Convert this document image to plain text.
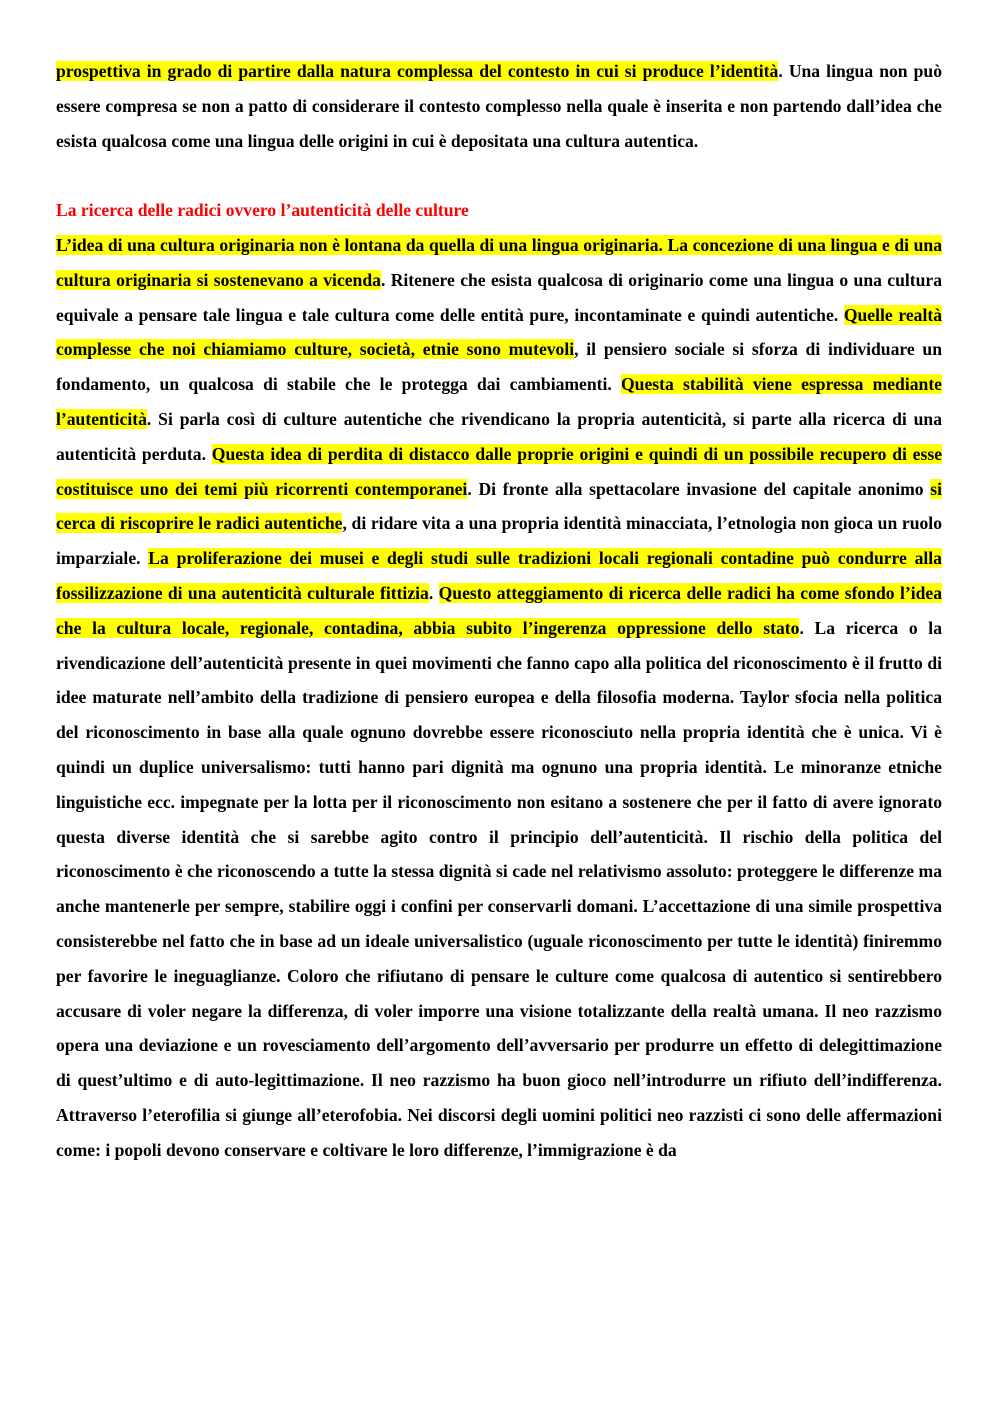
prospettiva in grado di partire dalla natura complessa del contesto in cui si produce l’identità. Una lingua non può essere compresa se non a patto di considerare il contesto complesso nella quale è inserita e non partendo dall’idea che esista qualcosa come una lingua delle origini in cui è depositata una cultura autentica.

La ricerca delle radici ovvero l’autenticità delle culture

L’idea di una cultura originaria non è lontana da quella di una lingua originaria. La concezione di una lingua e di una cultura originaria si sostenevano a vicenda. Ritenere che esista qualcosa di originario come una lingua o una cultura equivale a pensare tale lingua e tale cultura come delle entità pure, incontaminate e quindi autentiche. Quelle realtà complesse che noi chiamiamo culture, società, etnie sono mutevoli, il pensiero sociale si sforza di individuare un fondamento, un qualcosa di stabile che le protegga dai cambiamenti. Questa stabilità viene espressa mediante l’autenticità. Si parla così di culture autentiche che rivendicano la propria autenticità, si parte alla ricerca di una autenticità perduta. Questa idea di perdita di distacco dalle proprie origini e quindi di un possibile recupero di esse costituisce uno dei temi più ricorrenti contemporanei. Di fronte alla spettacolare invasione del capitale anonimo si cerca di riscoprire le radici autentiche, di ridare vita a una propria identità minacciata, l’etnologia non gioca un ruolo imparziale. La proliferazione dei musei e degli studi sulle tradizioni locali regionali contadine può condurre alla fossilizzazione di una autenticità culturale fittizia. Questo atteggiamento di ricerca delle radici ha come sfondo l’idea che la cultura locale, regionale, contadina, abbia subito l’ingerenza oppressione dello stato. La ricerca o la rivendicazione dell’autenticità presente in quei movimenti che fanno capo alla politica del riconoscimento è il frutto di idee maturate nell’ambito della tradizione di pensiero europea e della filosofia moderna. Taylor sfocia nella politica del riconoscimento in base alla quale ognuno dovrebbe essere riconosciuto nella propria identità che è unica. Vi è quindi un duplice universalismo: tutti hanno pari dignità ma ognuno una propria identità. Le minoranze etniche linguistiche ecc. impegnate per la lotta per il riconoscimento non esitano a sostenere che per il fatto di avere ignorato questa diverse identità che si sarebbe agito contro il principio dell’autenticità. Il rischio della politica del riconoscimento è che riconoscendo a tutte la stessa dignità si cade nel relativismo assoluto: proteggere le differenze ma anche mantenerle per sempre, stabilire oggi i confini per conservarli domani. L’accettazione di una simile prospettiva consisterebbe nel fatto che in base ad un ideale universalistico (uguale riconoscimento per tutte le identità) finiremmo per favorire le ineguaglianze. Coloro che rifiutano di pensare le culture come qualcosa di autentico si sentirebbero accusare di voler negare la differenza, di voler imporre una visione totalizzante della realtà umana. Il neo razzismo opera una deviazione e un rovesciamento dell’argomento dell’avversario per produrre un effetto di delegittimazione di quest’ultimo e di auto-legittimazione. Il neo razzismo ha buon gioco nell’introdurre un rifiuto dell’indifferenza. Attraverso l’eterofilia si giunge all’eterofobia. Nei discorsi degli uomini politici neo razzisti ci sono delle affermazioni come: i popoli devono conservare e coltivare le loro differenze, l’immigrazione è da
